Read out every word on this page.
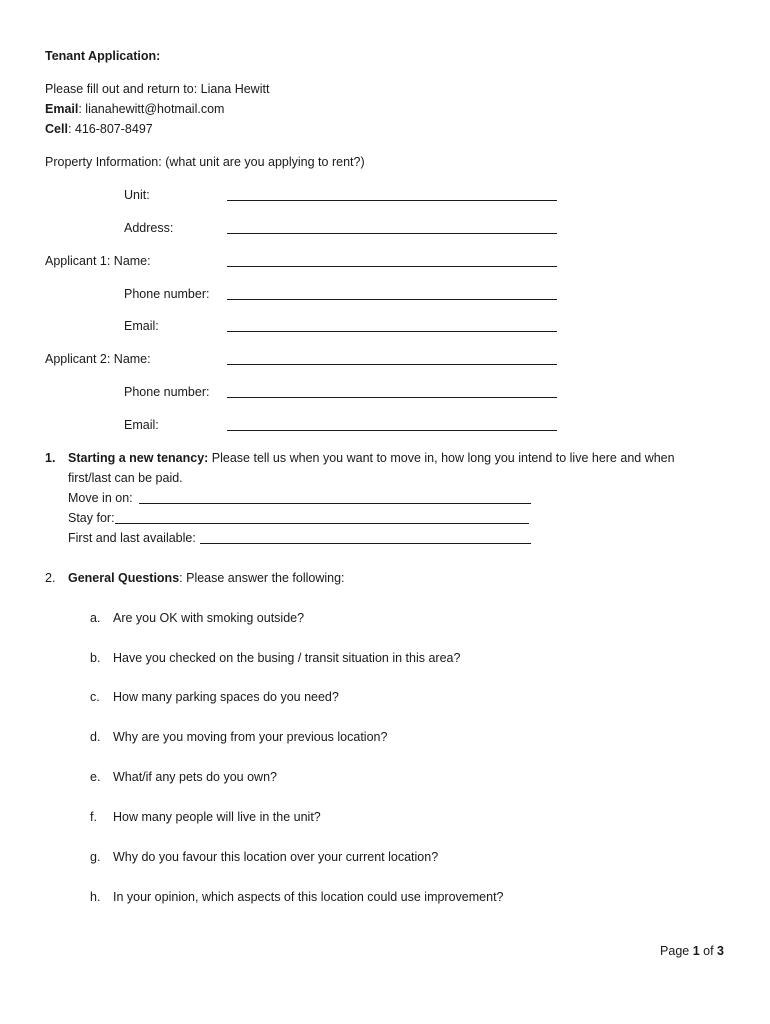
Tenant Application:
Please fill out and return to: Liana Hewitt
Email: lianahewitt@hotmail.com
Cell: 416-807-8497
Property Information: (what unit are you applying to rent?)
Unit:
Address:
Applicant 1: Name:
Phone number:
Email:
Applicant 2: Name:
Phone number:
Email:
1. Starting a new tenancy: Please tell us when you want to move in, how long you intend to live here and when
first/last can be paid.
Move in on:
Stay for:
First and last available:
2. General Questions: Please answer the following:
a. Are you OK with smoking outside?
b. Have you checked on the busing / transit situation in this area?
c. How many parking spaces do you need?
d. Why are you moving from your previous location?
e. What/if any pets do you own?
f. How many people will live in the unit?
g. Why do you favour this location over your current location?
h. In your opinion, which aspects of this location could use improvement?
Page 1 of 3
